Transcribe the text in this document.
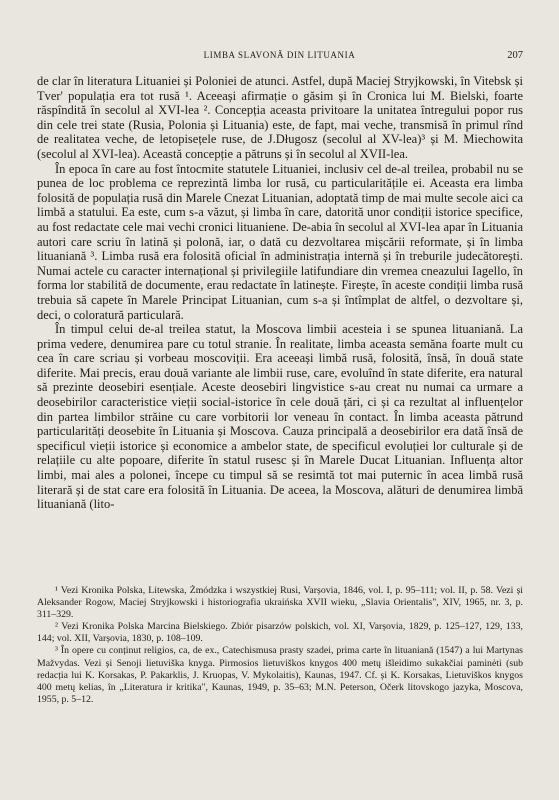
LIMBA SLAVONĂ DIN LITUANIA	207

de clar în literatura Lituaniei și Poloniei de atunci. Astfel, după Maciej Stryjkowski, în Vitebsk și Tver' populația era tot rusă ¹. Aceeași afirmație o găsim și în Cronica lui M. Bielski, foarte răspîndită în secolul al XVI-lea ². Concepția aceasta privitoare la unitatea întregului popor rus din cele trei state (Rusia, Polonia și Lituania) este, de fapt, mai veche, transmisă în primul rînd de realitatea veche, de letopisețele ruse, de J.Długosz (secolul al XV-lea)³ și M. Miechowita (secolul al XVI-lea). Această concepție a pătruns și în secolul al XVII-lea.

În epoca în care au fost întocmite statutele Lituaniei, inclusiv cel de-al treilea, probabil nu se punea de loc problema ce reprezintă limba lor rusă, cu particularitățile ei. Aceasta era limba folosită de populația rusă din Marele Cnezat Lituanian, adoptată timp de mai multe secole aici ca limbă a statului. Ea este, cum s-a văzut, și limba în care, datorită unor condiții istorice specifice, au fost redactate cele mai vechi cronici lituaniene. De-abia în secolul al XVI-lea apar în Lituania autori care scriu în latină și polonă, iar, o dată cu dezvoltarea mișcării reformate, și în limba lituaniană ³. Limba rusă era folosită oficial în administrația internă și în treburile judecătorești. Numai actele cu caracter internațional și privilegiile latifundiare din vremea cneazului Iagello, în forma lor stabilită de documente, erau redactate în latinește. Firește, în aceste condiții limba rusă trebuia să capete în Marele Principat Lituanian, cum s-a și întîmplat de altfel, o dezvoltare și, deci, o coloratură particulară.

În timpul celui de-al treilea statut, la Moscova limbii acesteia i se spunea lituaniană. La prima vedere, denumirea pare cu totul stranie. În realitate, limba aceasta semăna foarte mult cu cea în care scriau și vorbeau moscoviții. Era aceeași limbă rusă, folosită, însă, în două state diferite. Mai precis, erau două variante ale limbii ruse, care, evoluînd în state diferite, era natural să prezinte deosebiri esențiale. Aceste deosebiri lingvistice s-au creat nu numai ca urmare a deosebirilor caracteristice vieții social-istorice în cele două țări, ci și ca rezultat al influențelor din partea limbilor străine cu care vorbitorii lor veneau în contact. În limba aceasta pătrund particularități deosebite în Lituania și Moscova. Cauza principală a deosebirilor era dată însă de specificul vieții istorice și economice a ambelor state, de specificul evoluției lor culturale și de relațiile cu alte popoare, diferite în statul rusesc și în Marele Ducat Lituanian. Influența altor limbi, mai ales a polonei, începe cu timpul să se resimtă tot mai puternic în acea limbă rusă literară și de stat care era folosită în Lituania. De aceea, la Moscova, alături de denumirea limbă lituaniană (lito-

¹ Vezi Kronika Polska, Litewska, Żmódzka i wszystkiej Rusi, Varșovia, 1846, vol. I, p. 95–111; vol. II, p. 58. Vezi și Aleksander Rogow, Maciej Stryjkowski i historiografia ukraińska XVII wieku, „Slavia Orientalis", XIV, 1965, nr. 3, p. 311–329.

² Vezi Kronika Polska Marcina Bielskiego. Zbiór pisarzów polskich, vol. XI, Varșovia, 1829, p. 125–127, 129, 133, 144; vol. XII, Varșovia, 1830, p. 108–109.

³ În opere cu conținut religios, ca, de ex., Catechismusa prasty szadei, prima carte în lituaniană (1547) a lui Martynas Mažvydas. Vezi și Senoji lietuviška knyga. Pirmosios lietuviškos knygos 400 metų išleidimo sukakčiai paminėti (sub redacția lui K. Korsakas, P. Pakarklis, J. Kruopas, V. Mykolaitis), Kaunas, 1947. Cf. și K. Korsakas, Lietuviškos knygos 400 metų kelias, în „Literatura ir kritika", Kaunas, 1949, p. 35–63; M.N. Peterson, Očerk litovskogo jazyka, Moscova, 1955, p. 5–12.
